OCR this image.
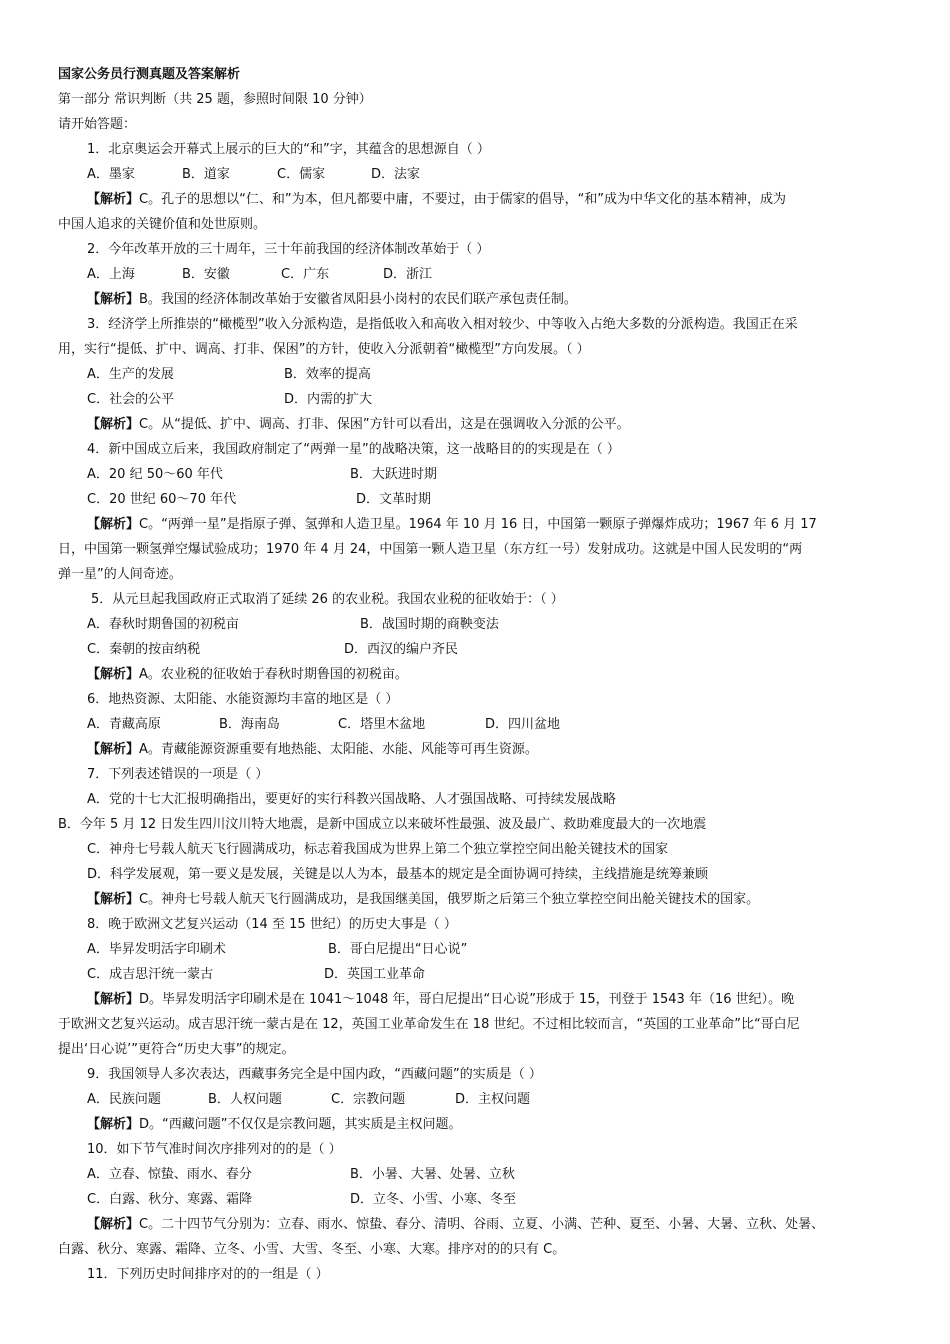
国家公务员行测真题及答案解析
第一部分 常识判断（共 25 题，参照时间限 10 分钟）
请开始答题：
1．北京奥运会开幕式上展示的巨大的“和”字，其蕴含的思想源自（ ）
A．墨家	B．道家	C．儒家	D．法家
【解析】C。孔子的思想以“仁、和”为本，但凡都要中庸，不要过，由于儒家的倡导，“和”成为中华文化的基本精神，成为
中国人追求的关键价值和处世原则。
2．今年改革开放的三十周年，三十年前我国的经济体制改革始于（ ）
A．上海	B．安徽	C．广东	D．浙江
【解析】B。我国的经济体制改革始于安徽省凤阳县小岗村的农民们联产承包责任制。
3．经济学上所推崇的“橄榄型”收入分派构造，是指低收入和高收入相对较少、中等收入占绝大多数的分派构造。我国正在采
用，实行“提低、扩中、调高、打非、保困”的方针，使收入分派朝着“橄榄型”方向发展。（ ）
A．生产的发展	B．效率的提高
C．社会的公平	D．内需的扩大
【解析】C。从“提低、扩中、调高、打非、保困”方针可以看出，这是在强调收入分派的公平。
4．新中国成立后来，我国政府制定了“两弹一星”的战略决策，这一战略目的的实现是在（ ）
A．20 纪 50～60 年代	B．大跃进时期
C．20 世纪 60～70 年代	D．文革时期
【解析】C。“两弹一星”是指原子弹、氢弹和人造卫星。1964 年 10 月 16 日，中国第一颗原子弹爆炸成功；1967 年 6 月 17
日，中国第一颗氢弹空爆试验成功；1970 年 4 月 24，中国第一颗人造卫星（东方红一号）发射成功。这就是中国人民发明的“两
弹一星”的人间奇迹。
5．从元旦起我国政府正式取消了延续 26 的农业税。我国农业税的征收始于：（ ）
A．春秋时期鲁国的初税亩	B．战国时期的商鞅变法
C．秦朝的按亩纳税	D．西汉的编户齐民
【解析】A。农业税的征收始于春秋时期鲁国的初税亩。
6．地热资源、太阳能、水能资源均丰富的地区是（ ）
A．青藏高原	B．海南岛	C．塔里木盆地	D．四川盆地
【解析】A。青藏能源资源重要有地热能、太阳能、水能、风能等可再生资源。
7．下列表述错误的一项是（ ）
A．党的十七大汇报明确指出，要更好的实行科教兴国战略、人才强国战略、可持续发展战略
B．今年 5 月 12 日发生四川汶川特大地震，是新中国成立以来破坏性最强、波及最广、救助难度最大的一次地震
C．神舟七号载人航天飞行圆满成功，标志着我国成为世界上第二个独立掌控空间出舱关键技术的国家
D．科学发展观，第一要义是发展，关键是以人为本，最基本的规定是全面协调可持续，主线措施是统筹兼顾
【解析】C。神舟七号载人航天飞行圆满成功，是我国继美国，俄罗斯之后第三个独立掌控空间出舱关键技术的国家。
8．晚于欧洲文艺复兴运动（14 至 15 世纪）的历史大事是（ ）
A．毕昇发明活字印刷术	B．哥白尼提出“日心说”
C．成吉思汗统一蒙古	D．英国工业革命
【解析】D。毕昇发明活字印刷术是在 1041～1048 年，哥白尼提出“日心说”形成于 15，刊登于 1543 年（16 世纪）。晚
于欧洲文艺复兴运动。成吉思汗统一蒙古是在 12，英国工业革命发生在 18 世纪。不过相比较而言，“英国的工业革命”比“哥白尼
提出‘日心说’”更符合“历史大事”的规定。
9．我国领导人多次表达，西藏事务完全是中国内政，“西藏问题”的实质是（ ）
A．民族问题	B．人权问题	C．宗教问题	D．主权问题
【解析】D。“西藏问题”不仅仅是宗教问题，其实质是主权问题。
10．如下节气准时间次序排列对的的是（ ）
A．立春、惊蛰、雨水、春分	B．小暑、大暑、处暑、立秋
C．白露、秋分、寒露、霜降	D．立冬、小雪、小寒、冬至
【解析】C。二十四节气分别为：立春、雨水、惊蛰、春分、清明、谷雨、立夏、小满、芒种、夏至、小暑、大暑、立秋、处暑、
白露、秋分、寒露、霜降、立冬、小雪、大雪、冬至、小寒、大寒。排序对的的只有 C。
11．下列历史时间排序对的的一组是（ ）
